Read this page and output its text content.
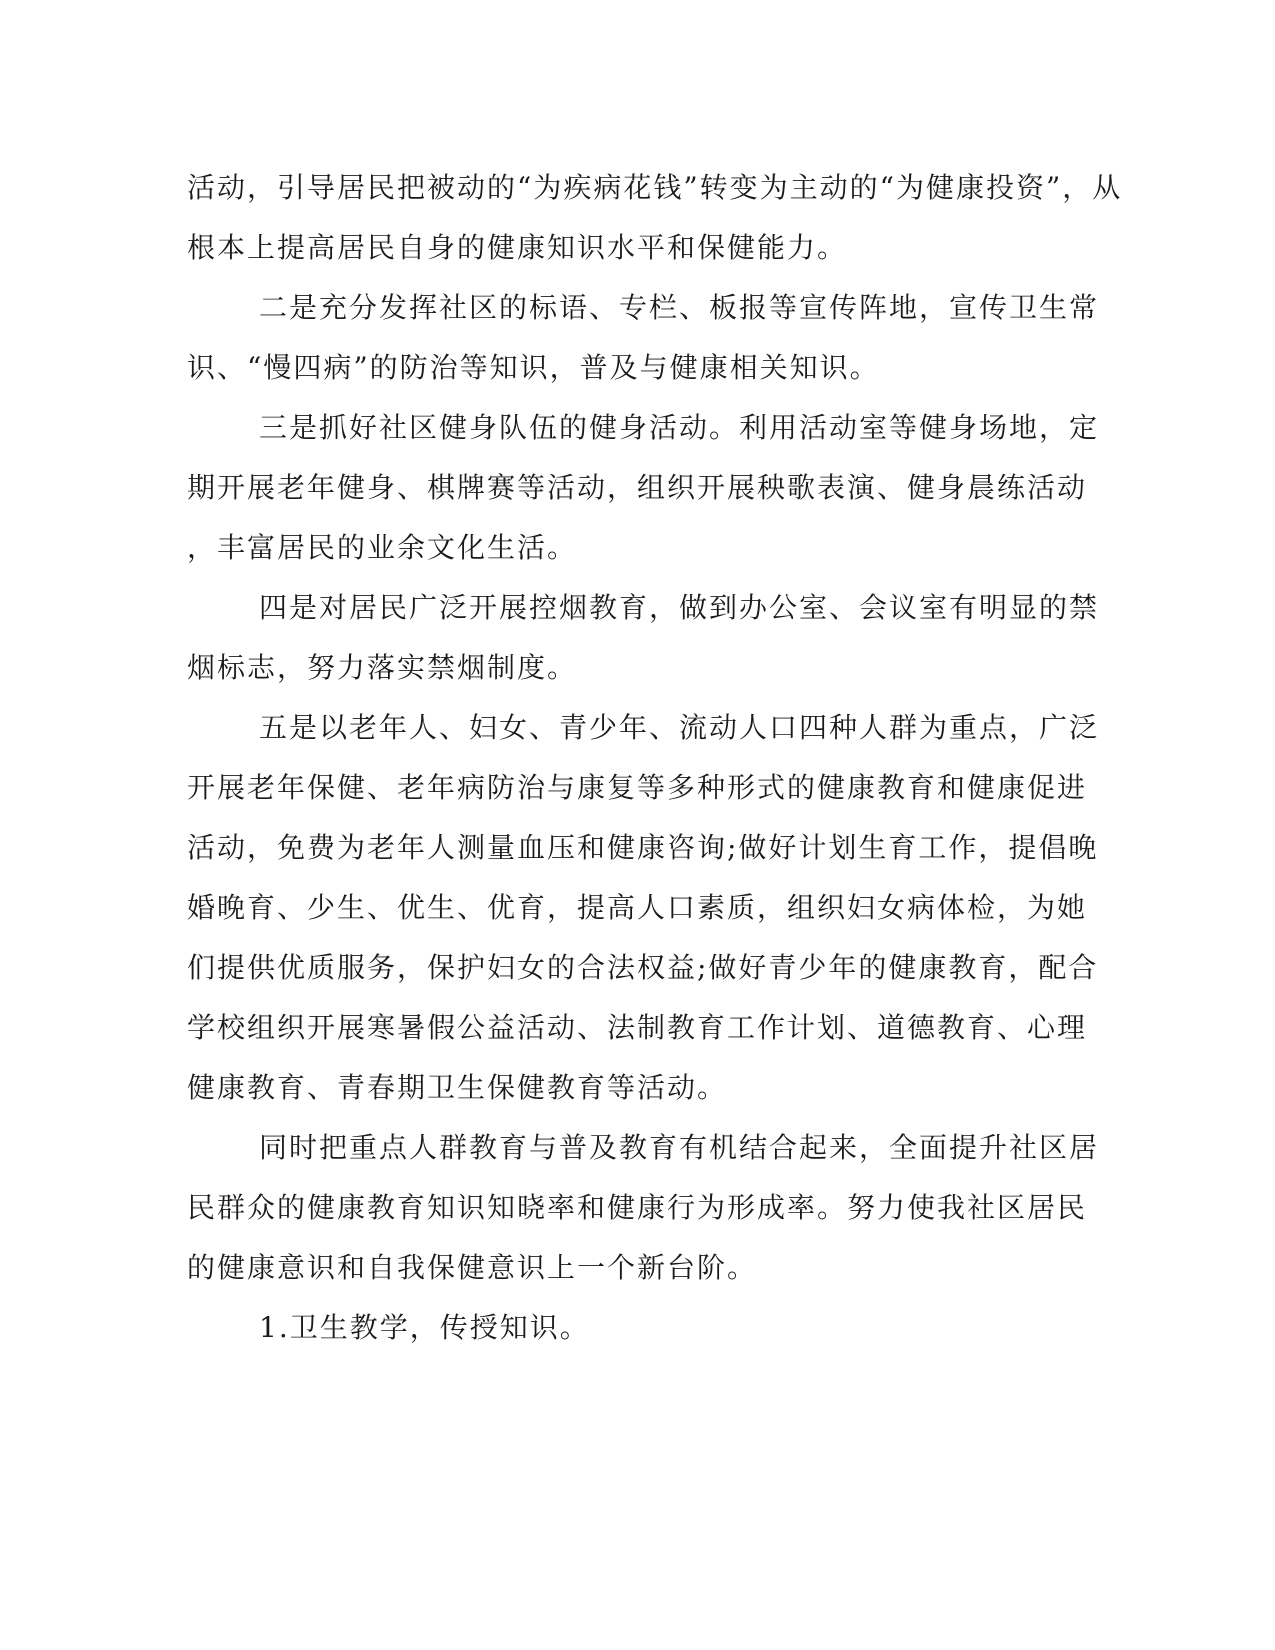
活动，引导居民把被动的“为疾病花钱”转变为主动的“为健康投资”，从
根本上提高居民自身的健康知识水平和保健能力。
二是充分发挥社区的标语、专栏、板报等宣传阵地，宣传卫生常
识、“慢四病”的防治等知识，普及与健康相关知识。
三是抓好社区健身队伍的健身活动。利用活动室等健身场地，定
期开展老年健身、棋牌赛等活动，组织开展秧歌表演、健身晨练活动
，丰富居民的业余文化生活。
四是对居民广泛开展控烟教育，做到办公室、会议室有明显的禁
烟标志，努力落实禁烟制度。
五是以老年人、妇女、青少年、流动人口四种人群为重点，广泛
开展老年保健、老年病防治与康复等多种形式的健康教育和健康促进
活动，免费为老年人测量血压和健康咨询;做好计划生育工作，提倡晚
婚晚育、少生、优生、优育，提高人口素质，组织妇女病体检，为她
们提供优质服务，保护妇女的合法权益;做好青少年的健康教育，配合
学校组织开展寒暑假公益活动、法制教育工作计划、道德教育、心理
健康教育、青春期卫生保健教育等活动。
同时把重点人群教育与普及教育有机结合起来，全面提升社区居
民群众的健康教育知识知晓率和健康行为形成率。努力使我社区居民
的健康意识和自我保健意识上一个新台阶。
1.卫生教学，传授知识。
